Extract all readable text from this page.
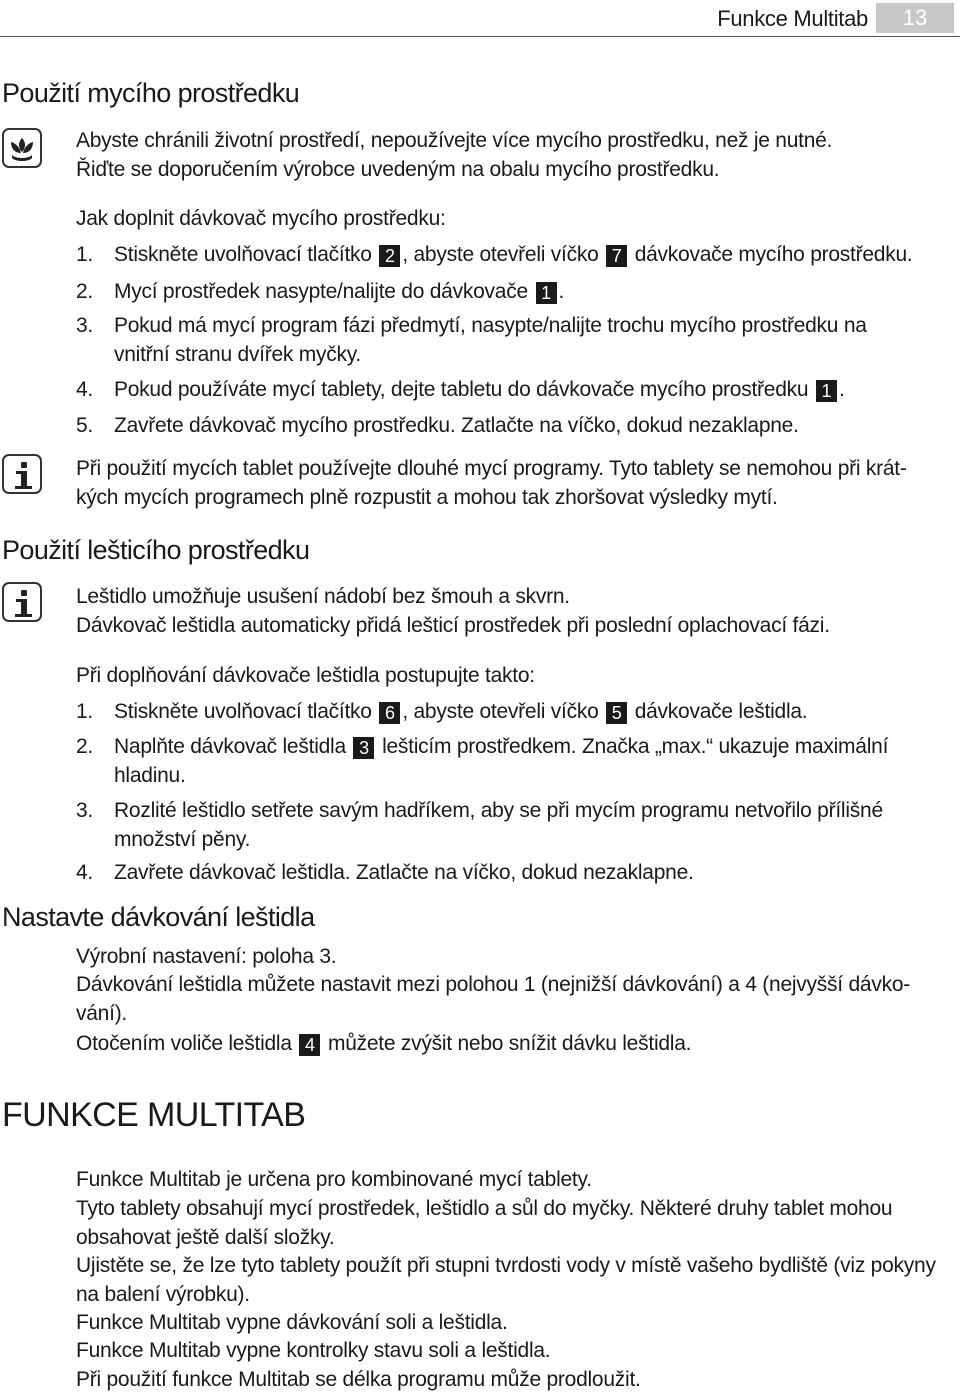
Funkce Multitab	13
Použití mycího prostředku

Abyste chránili životní prostředí, nepoužívejte více mycího prostředku, než je nutné.
Řiďte se doporučením výrobce uvedeným na obalu mycího prostředku.

Jak doplnit dávkovač mycího prostředku:

1. Stiskněte uvolňovací tlačítko 2 , abyste otevřeli víčko 7 dávkovače mycího prostředku.
2. Mycí prostředek nasypte/nalijte do dávkovače 1 .
3. Pokud má mycí program fázi předmytí, nasypte/nalijte trochu mycího prostředku na vnitřní stranu dvířek myčky.
4. Pokud používáte mycí tablety, dejte tabletu do dávkovače mycího prostředku 1 .
5. Zavřete dávkovač mycího prostředku. Zatlačte na víčko, dokud nezaklapne.

Při použití mycích tablet používejte dlouhé mycí programy. Tyto tablety se nemohou při krát-
kých mycích programech plně rozpustit a mohou tak zhoršovat výsledky mytí.

Použití lešticího prostředku

Leštidlo umožňuje usušení nádobí bez šmouh a skvrn.
Dávkovač leštidla automaticky přidá lešticí prostředek při poslední oplachovací fázi.

Při doplňování dávkovače leštidla postupujte takto:

1. Stiskněte uvolňovací tlačítko 6 , abyste otevřeli víčko 5 dávkovače leštidla.
2. Naplňte dávkovač leštidla 3 lešticím prostředkem. Značka „max.“ ukazuje maximální hladinu.
3. Rozlité leštidlo setřete savým hadříkem, aby se při mycím programu netvořilo přílišné množství pěny.
4. Zavřete dávkovač leštidla. Zatlačte na víčko, dokud nezaklapne.
Nastavte dávkování leštidla

Výrobní nastavení: poloha 3.

Dávkování leštidla můžete nastavit mezi polohou 1 (nejnižší dávkování) a 4 (nejvyšší dávko-
vání).

Otočením voliče leštidla 4 můžete zvýšit nebo snížit dávku leštidla.

FUNKCE MULTITAB

Funkce Multitab je určena pro kombinované mycí tablety.

Tyto tablety obsahují mycí prostředek, leštidlo a sůl do myčky. Některé druhy tablet mohou obsahovat ještě další složky.

Ujistěte se, že lze tyto tablety použít při stupni tvrdosti vody v místě vašeho bydliště (viz pokyny na balení výrobku).

Funkce Multitab vypne dávkování soli a leštidla.

Funkce Multitab vypne kontrolky stavu soli a leštidla.

Při použití funkce Multitab se délka programu může prodloužit.
